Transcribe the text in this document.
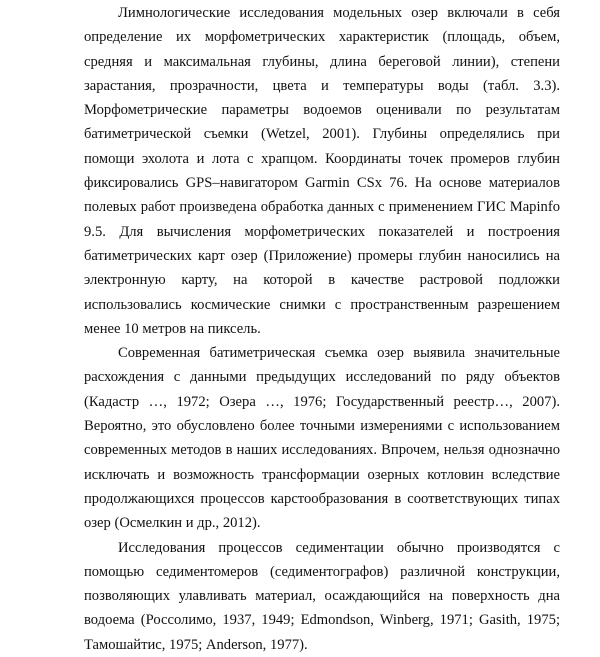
Лимнологические исследования модельных озер включали в себя определение их морфометрических характеристик (площадь, объем, средняя и максимальная глубины, длина береговой линии), степени зарастания, прозрачности, цвета и температуры воды (табл. 3.3). Морфометрические параметры водоемов оценивали по результатам батиметрической съемки (Wetzel, 2001). Глубины определялись при помощи эхолота и лота с храпцом. Координаты точек промеров глубин фиксировались GPS–навигатором Garmin CSx 76. На основе материалов полевых работ произведена обработка данных с применением ГИС Mapinfo 9.5. Для вычисления морфометрических показателей и построения батиметрических карт озер (Приложение) промеры глубин наносились на электронную карту, на которой в качестве растровой подложки использовались космические снимки с пространственным разрешением менее 10 метров на пиксель.

Современная батиметрическая съемка озер выявила значительные расхождения с данными предыдущих исследований по ряду объектов (Кадастр …, 1972; Озера …, 1976; Государственный реестр…, 2007). Вероятно, это обусловлено более точными измерениями с использованием современных методов в наших исследованиях. Впрочем, нельзя однозначно исключать и возможность трансформации озерных котловин вследствие продолжающихся процессов карстообразования в соответствующих типах озер (Осмелкин и др., 2012).

Исследования процессов седиментации обычно производятся с помощью седиментомеров (седиментографов) различной конструкции, позволяющих улавливать материал, осаждающийся на поверхность дна водоема (Россолимо, 1937, 1949; Edmondson, Winberg, 1971; Gasith, 1975; Тамошайтис, 1975; Anderson, 1977).
